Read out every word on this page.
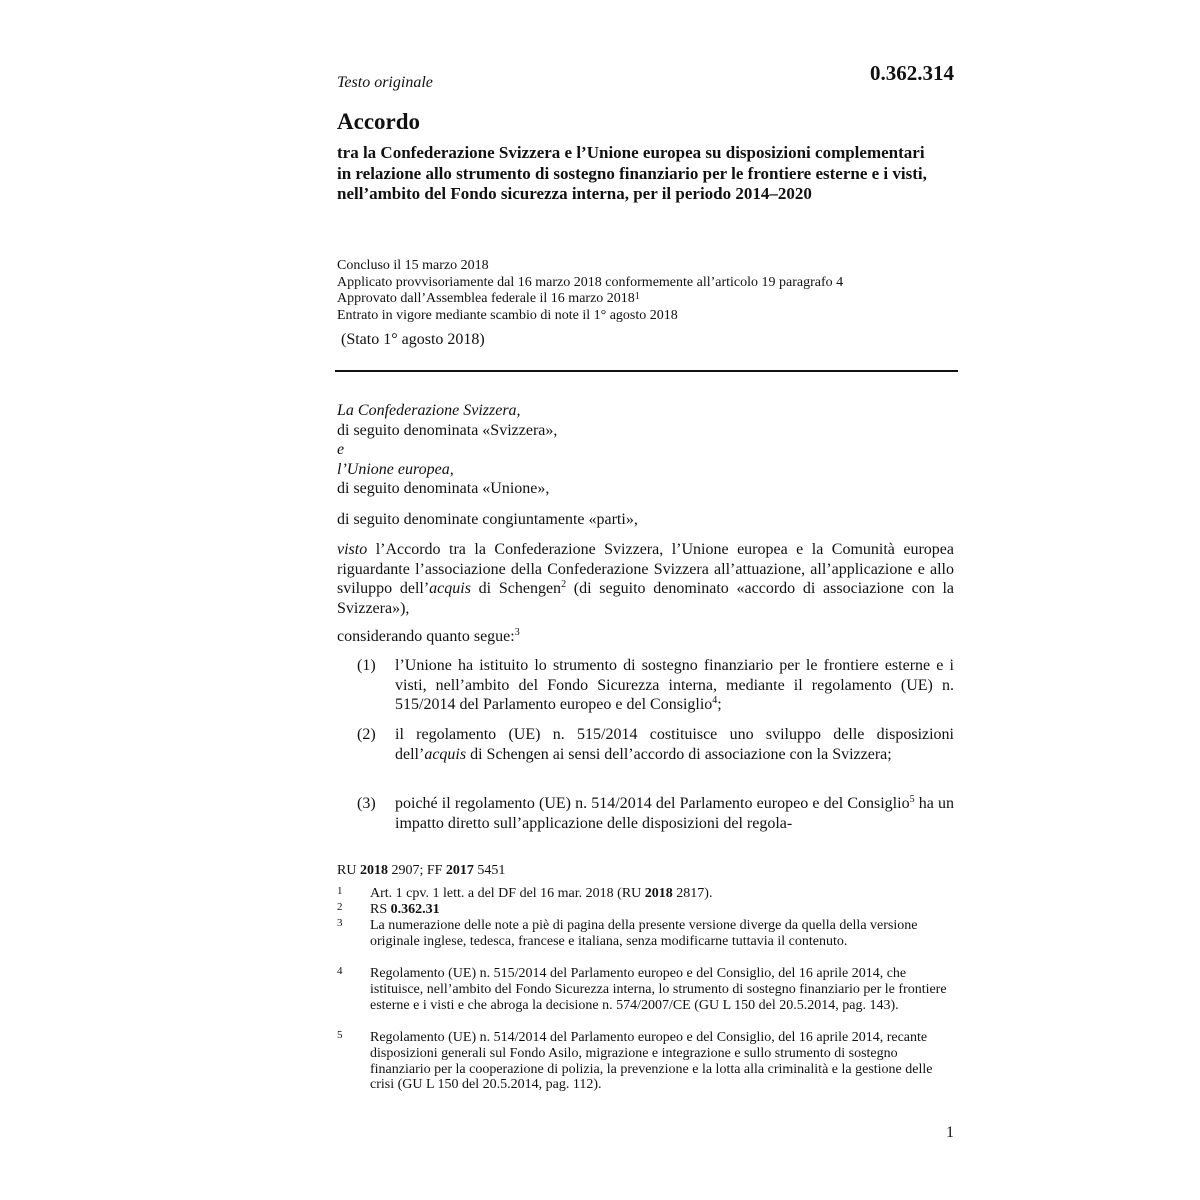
Testo originale	0.362.314
Accordo
tra la Confederazione Svizzera e l’Unione europea su disposizioni complementari in relazione allo strumento di sostegno finanziario per le frontiere esterne e i visti, nell’ambito del Fondo sicurezza interna, per il periodo 2014–2020
Concluso il 15 marzo 2018
Applicato provvisoriamente dal 16 marzo 2018 conformemente all’articolo 19 paragrafo 4
Approvato dall’Assemblea federale il 16 marzo 2018$^1$
Entrato in vigore mediante scambio di note il 1° agosto 2018
(Stato 1° agosto 2018)
La Confederazione Svizzera,
di seguito denominata «Svizzera»,
e
l’Unione europea,
di seguito denominata «Unione»,
di seguito denominate congiuntamente «parti»,
visto l’Accordo tra la Confederazione Svizzera, l’Unione europea e la Comunità europea riguardante l’associazione della Confederazione Svizzera all’attuazione, all’applicazione e allo sviluppo dell’acquis di Schengen$^2$ (di seguito denominato «accordo di associazione con la Svizzera»),
considerando quanto segue:$^3$
(1) l’Unione ha istituito lo strumento di sostegno finanziario per le frontiere esterne e i visti, nell’ambito del Fondo Sicurezza interna, mediante il regolamento (UE) n. 515/2014 del Parlamento europeo e del Consiglio$^4$;
(2) il regolamento (UE) n. 515/2014 costituisce uno sviluppo delle disposizioni dell’acquis di Schengen ai sensi dell’accordo di associazione con la Svizzera;
(3) poiché il regolamento (UE) n. 514/2014 del Parlamento europeo e del Consiglio$^5$ ha un impatto diretto sull’applicazione delle disposizioni del regola-
RU 2018 2907; FF 2017 5451
1 Art. 1 cpv. 1 lett. a del DF del 16 mar. 2018 (RU 2018 2817).
2 RS 0.362.31
3 La numerazione delle note a piè di pagina della presente versione diverge da quella della versione originale inglese, tedesca, francese e italiana, senza modificarne tuttavia il contenuto.
4 Regolamento (UE) n. 515/2014 del Parlamento europeo e del Consiglio, del 16 aprile 2014, che istituisce, nell’ambito del Fondo Sicurezza interna, lo strumento di sostegno finanziario per le frontiere esterne e i visti e che abroga la decisione n. 574/2007/CE (GU L 150 del 20.5.2014, pag. 143).
5 Regolamento (UE) n. 514/2014 del Parlamento europeo e del Consiglio, del 16 aprile 2014, recante disposizioni generali sul Fondo Asilo, migrazione e integrazione e sullo strumento di sostegno finanziario per la cooperazione di polizia, la prevenzione e la lotta alla criminalità e la gestione delle crisi (GU L 150 del 20.5.2014, pag. 112).
1
